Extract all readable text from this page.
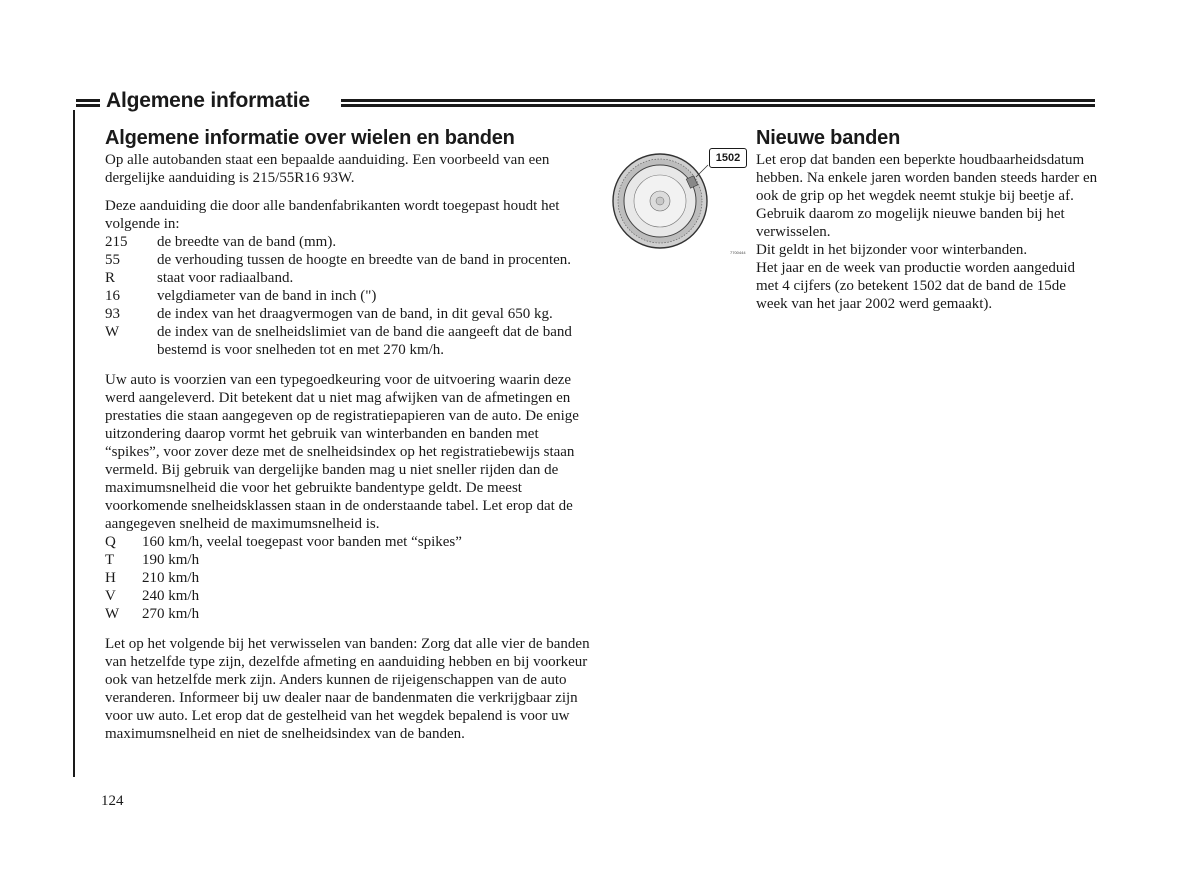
Algemene informatie
Algemene informatie over wielen en banden

Op alle autobanden staat een bepaalde aanduiding. Een voorbeeld van een dergelijke aanduiding is 215/55R16 93W.

Deze aanduiding die door alle bandenfabrikanten wordt toegepast houdt het volgende in:

215	de breedte van de band (mm).
55	de verhouding tussen de hoogte en breedte van de band in procenten.
R	staat voor radiaalband.
16	velgdiameter van de band in inch (")
93	de index van het draagvermogen van de band, in dit geval 650 kg.
W	de index van de snelheidslimiet van de band die aangeeft dat de band bestemd is voor snelheden tot en met 270 km/h.

Uw auto is voorzien van een typegoedkeuring voor de uitvoering waarin deze werd aangeleverd. Dit betekent dat u niet mag afwijken van de afmetingen en prestaties die staan aangegeven op de registratiepapieren van de auto. De enige uitzondering daarop vormt het gebruik van winterbanden en banden met “spikes”, voor zover deze met de snelheidsindex op het registratiebewijs staan vermeld. Bij gebruik van dergelijke banden mag u niet sneller rijden dan de maximumsnelheid die voor het gebruikte bandentype geldt. De meest voorkomende snelheidsklassen staan in de onderstaande tabel. Let erop dat de aangegeven snelheid de maximumsnelheid is.

Q	160 km/h, veelal toegepast voor banden met “spikes”
T	190 km/h
H	210 km/h
V	240 km/h
W	270 km/h

Let op het volgende bij het verwisselen van banden: Zorg dat alle vier de banden van hetzelfde type zijn, dezelfde afmeting en aanduiding hebben en bij voorkeur ook van hetzelfde merk zijn. Anders kunnen de rijeigenschappen van de auto veranderen. Informeer bij uw dealer naar de bandenmaten die verkrijgbaar zijn voor uw auto. Let erop dat de gestelheid van het wegdek bepalend is voor uw maximumsnelheid en niet de snelheidsindex van de banden.

1502
7700444
Nieuwe banden

Let erop dat banden een beperkte houdbaarheidsdatum hebben. Na enkele jaren worden banden steeds harder en ook de grip op het wegdek neemt stukje bij beetje af. Gebruik daarom zo mogelijk nieuwe banden bij het verwisselen.

Dit geldt in het bijzonder voor winterbanden.

Het jaar en de week van productie worden aangeduid met 4 cijfers (zo betekent 1502 dat de band de 15de week van het jaar 2002 werd gemaakt).

124
